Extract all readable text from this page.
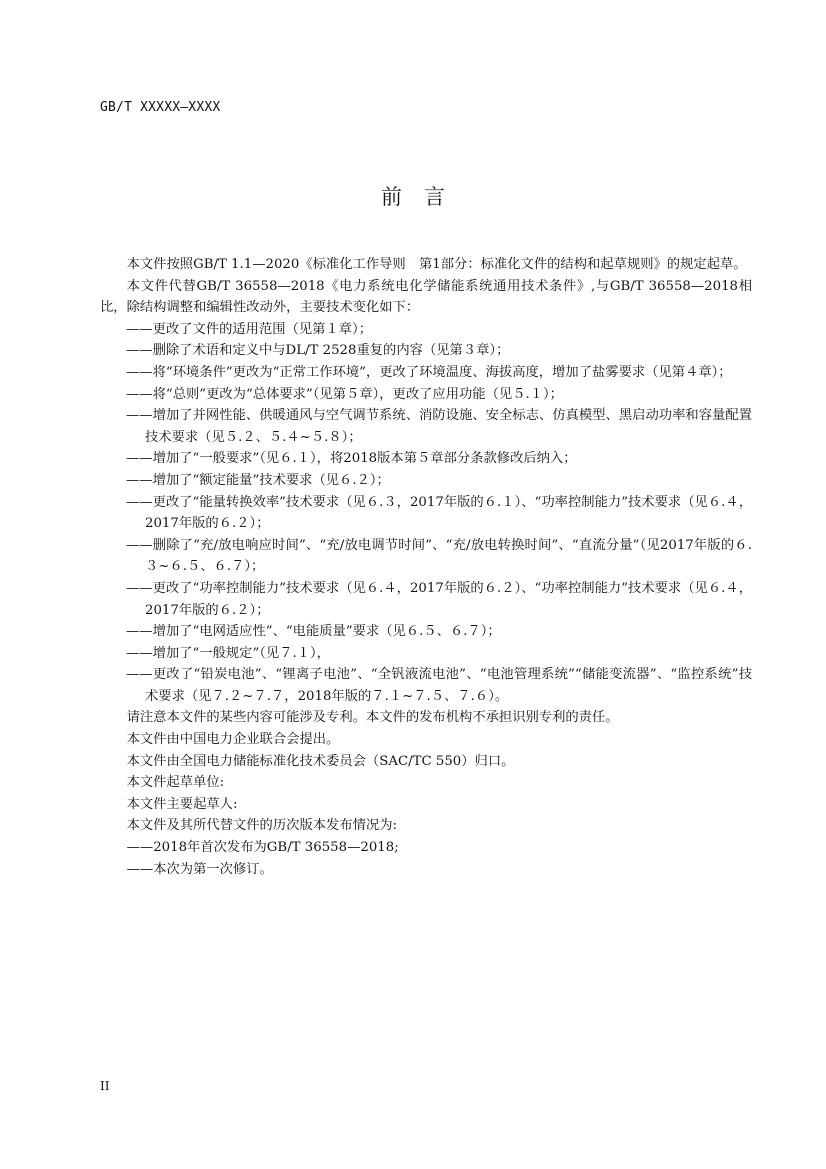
GB/T XXXXX—XXXX
前言

本文件按照GB/T 1.1—2020《标准化工作导则　第1部分：标准化文件的结构和起草规则》的规定起草。

本文件代替GB/T 36558—2018《电力系统电化学储能系统通用技术条件》,与GB/T 36558—2018相比，除结构调整和编辑性改动外，主要技术变化如下：

——更改了文件的适用范围（见第１章）；

——删除了术语和定义中与DL/T 2528重复的内容（见第３章）；

——将“环境条件”更改为“正常工作环境”，更改了环境温度、海拔高度，增加了盐雾要求（见第４章）；

——将“总则”更改为“总体要求”（见第５章），更改了应用功能（见５.１）；

——增加了并网性能、供暖通风与空气调节系统、消防设施、安全标志、仿真模型、黑启动功率和容量配置技术要求（见５.２、５.４~５.８）；

——增加了“一般要求”（见６.１），将2018版本第５章部分条款修改后纳入；

——增加了“额定能量”技术要求（见６.２）；

——更改了“能量转换效率”技术要求（见６.３，2017年版的６.１）、“功率控制能力”技术要求（见６.４，2017年版的６.２）；

——删除了“充/放电响应时间”、“充/放电调节时间”、“充/放电转换时间”、“直流分量”（见2017年版的６.３~６.５、６.７）；

——更改了“功率控制能力”技术要求（见６.４，2017年版的６.２）、“功率控制能力”技术要求（见６.４，2017年版的６.２）；

——增加了“电网适应性”、“电能质量”要求（见６.５、６.７）；

——增加了“一般规定”（见７.１），

——更改了“铅炭电池”、“锂离子电池”、“全钒液流电池”、“电池管理系统”“储能变流器”、“监控系统”技术要求（见７.２~７.７，2018年版的７.１~７.５、７.６）。

请注意本文件的某些内容可能涉及专利。本文件的发布机构不承担识别专利的责任。

本文件由中国电力企业联合会提出。

本文件由全国电力储能标准化技术委员会（SAC/TC 550）归口。

本文件起草单位:

本文件主要起草人:

本文件及其所代替文件的历次版本发布情况为:

——2018年首次发布为GB/T 36558—2018;

——本次为第一次修订。

II
